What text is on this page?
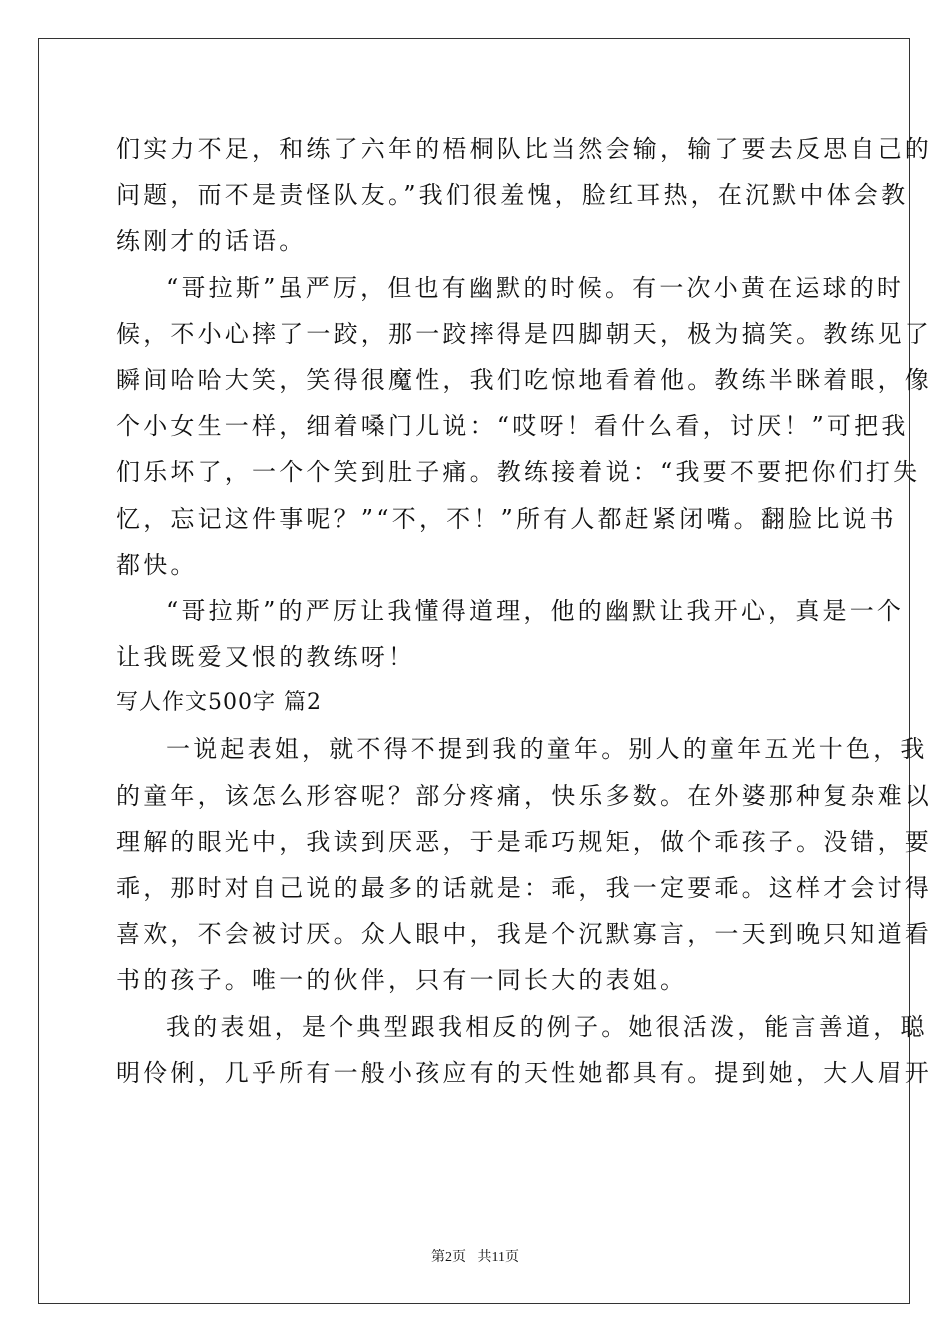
们实力不足，和练了六年的梧桐队比当然会输，输了要去反思自己的
问题，而不是责怪队友。”我们很羞愧，脸红耳热，在沉默中体会教
练刚才的话语。
“哥拉斯”虽严厉，但也有幽默的时候。有一次小黄在运球的时
候，不小心摔了一跤，那一跤摔得是四脚朝天，极为搞笑。教练见了
瞬间哈哈大笑，笑得很魔性，我们吃惊地看着他。教练半眯着眼，像
个小女生一样，细着嗓门儿说：“哎呀！看什么看，讨厌！”可把我
们乐坏了，一个个笑到肚子痛。教练接着说：“我要不要把你们打失
忆，忘记这件事呢？”“不，不！”所有人都赶紧闭嘴。翻脸比说书
都快。
“哥拉斯”的严厉让我懂得道理，他的幽默让我开心，真是一个
让我既爱又恨的教练呀！
写人作文500字 篇2
一说起表姐，就不得不提到我的童年。别人的童年五光十色，我
的童年，该怎么形容呢？部分疼痛，快乐多数。在外婆那种复杂难以
理解的眼光中，我读到厌恶，于是乖巧规矩，做个乖孩子。没错，要
乖，那时对自己说的最多的话就是：乖，我一定要乖。这样才会讨得
喜欢，不会被讨厌。众人眼中，我是个沉默寡言，一天到晚只知道看
书的孩子。唯一的伙伴，只有一同长大的表姐。
我的表姐，是个典型跟我相反的例子。她很活泼，能言善道，聪
明伶俐，几乎所有一般小孩应有的天性她都具有。提到她，大人眉开
第2页 共11页
